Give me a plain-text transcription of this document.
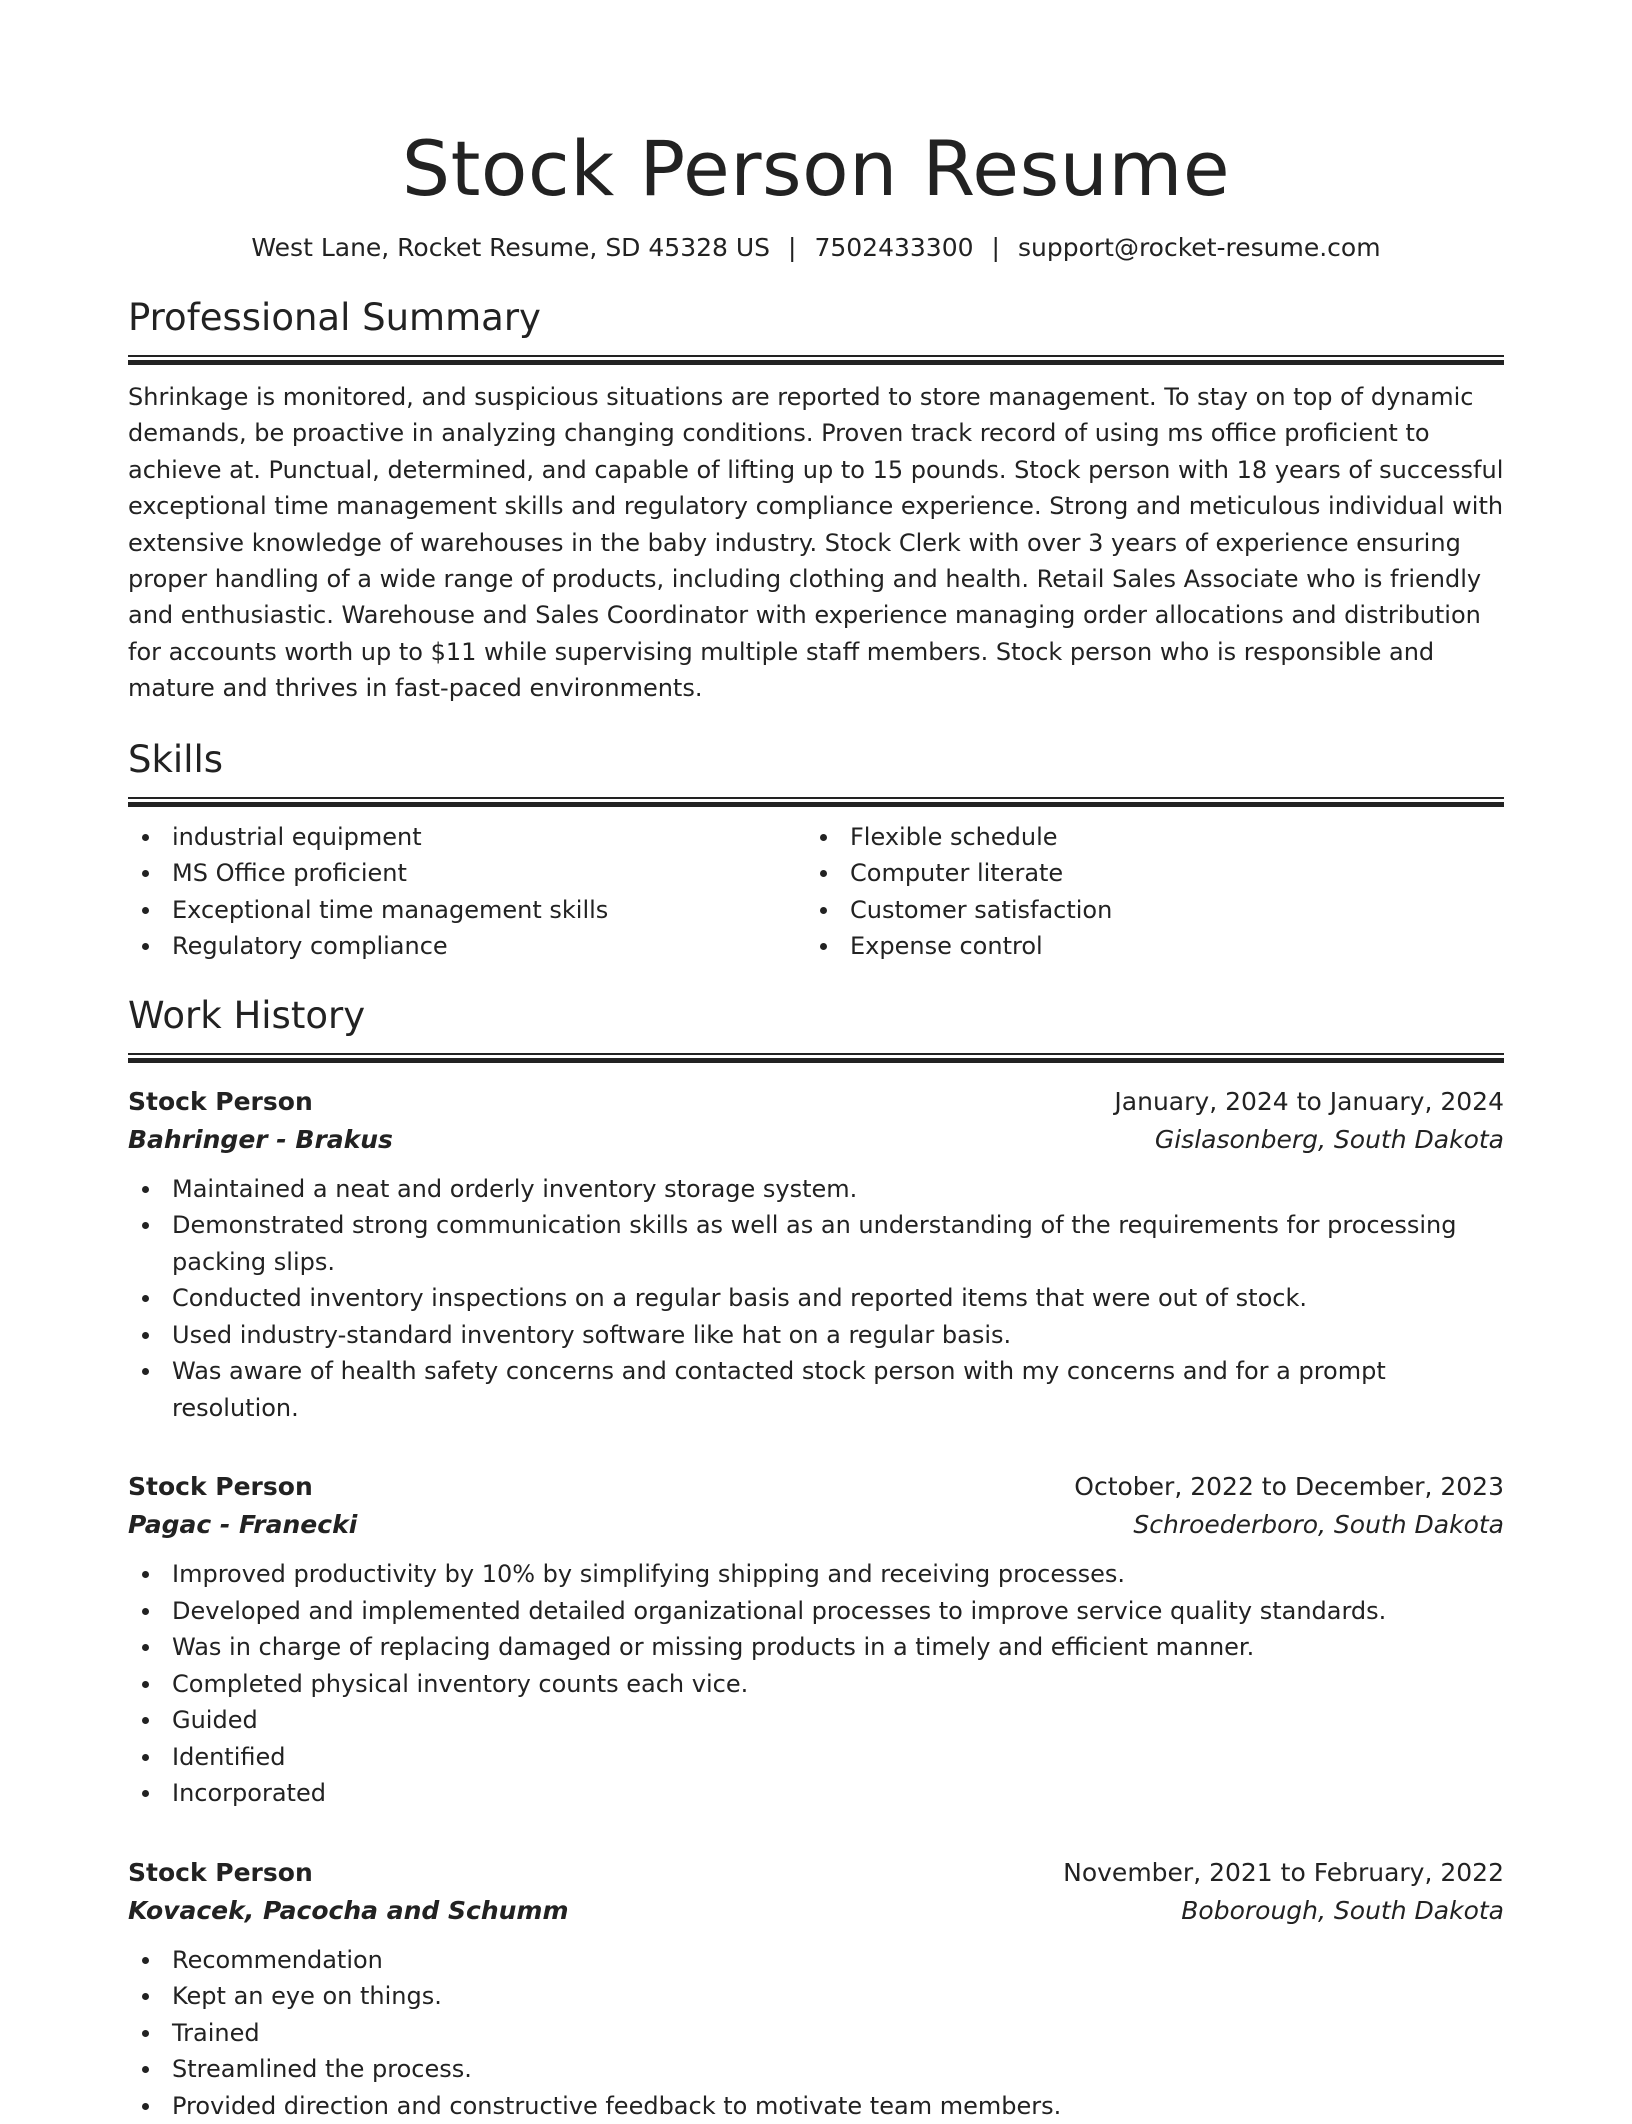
Stock Person Resume
West Lane, Rocket Resume, SD 45328 US | 7502433300 | support@rocket-resume.com
Professional Summary

Shrinkage is monitored, and suspicious situations are reported to store management. To stay on top of dynamic demands, be proactive in analyzing changing conditions. Proven track record of using ms office proficient to achieve at. Punctual, determined, and capable of lifting up to 15 pounds. Stock person with 18 years of successful exceptional time management skills and regulatory compliance experience. Strong and meticulous individual with extensive knowledge of warehouses in the baby industry. Stock Clerk with over 3 years of experience ensuring proper handling of a wide range of products, including clothing and health. Retail Sales Associate who is friendly and enthusiastic. Warehouse and Sales Coordinator with experience managing order allocations and distribution for accounts worth up to $11 while supervising multiple staff members. Stock person who is responsible and mature and thrives in fast-paced environments.

Skills
industrial equipment
MS Office proficient
Exceptional time management skills
Regulatory compliance
Flexible schedule
Computer literate
Customer satisfaction
Expense control
Work History
Stock Person	January, 2024 to January, 2024
Bahringer - Brakus	Gislasonberg, South Dakota
Maintained a neat and orderly inventory storage system.
Demonstrated strong communication skills as well as an understanding of the requirements for processing packing slips.
Conducted inventory inspections on a regular basis and reported items that were out of stock.
Used industry-standard inventory software like hat on a regular basis.
Was aware of health safety concerns and contacted stock person with my concerns and for a prompt resolution.
Stock Person	October, 2022 to December, 2023
Pagac - Franecki	Schroederboro, South Dakota
Improved productivity by 10% by simplifying shipping and receiving processes.
Developed and implemented detailed organizational processes to improve service quality standards.
Was in charge of replacing damaged or missing products in a timely and efficient manner.
Completed physical inventory counts each vice.
Guided
Identified
Incorporated
Stock Person	November, 2021 to February, 2022
Kovacek, Pacocha and Schumm	Boborough, South Dakota
Recommendation
Kept an eye on things.
Trained
Streamlined the process.
Provided direction and constructive feedback to motivate team members.
